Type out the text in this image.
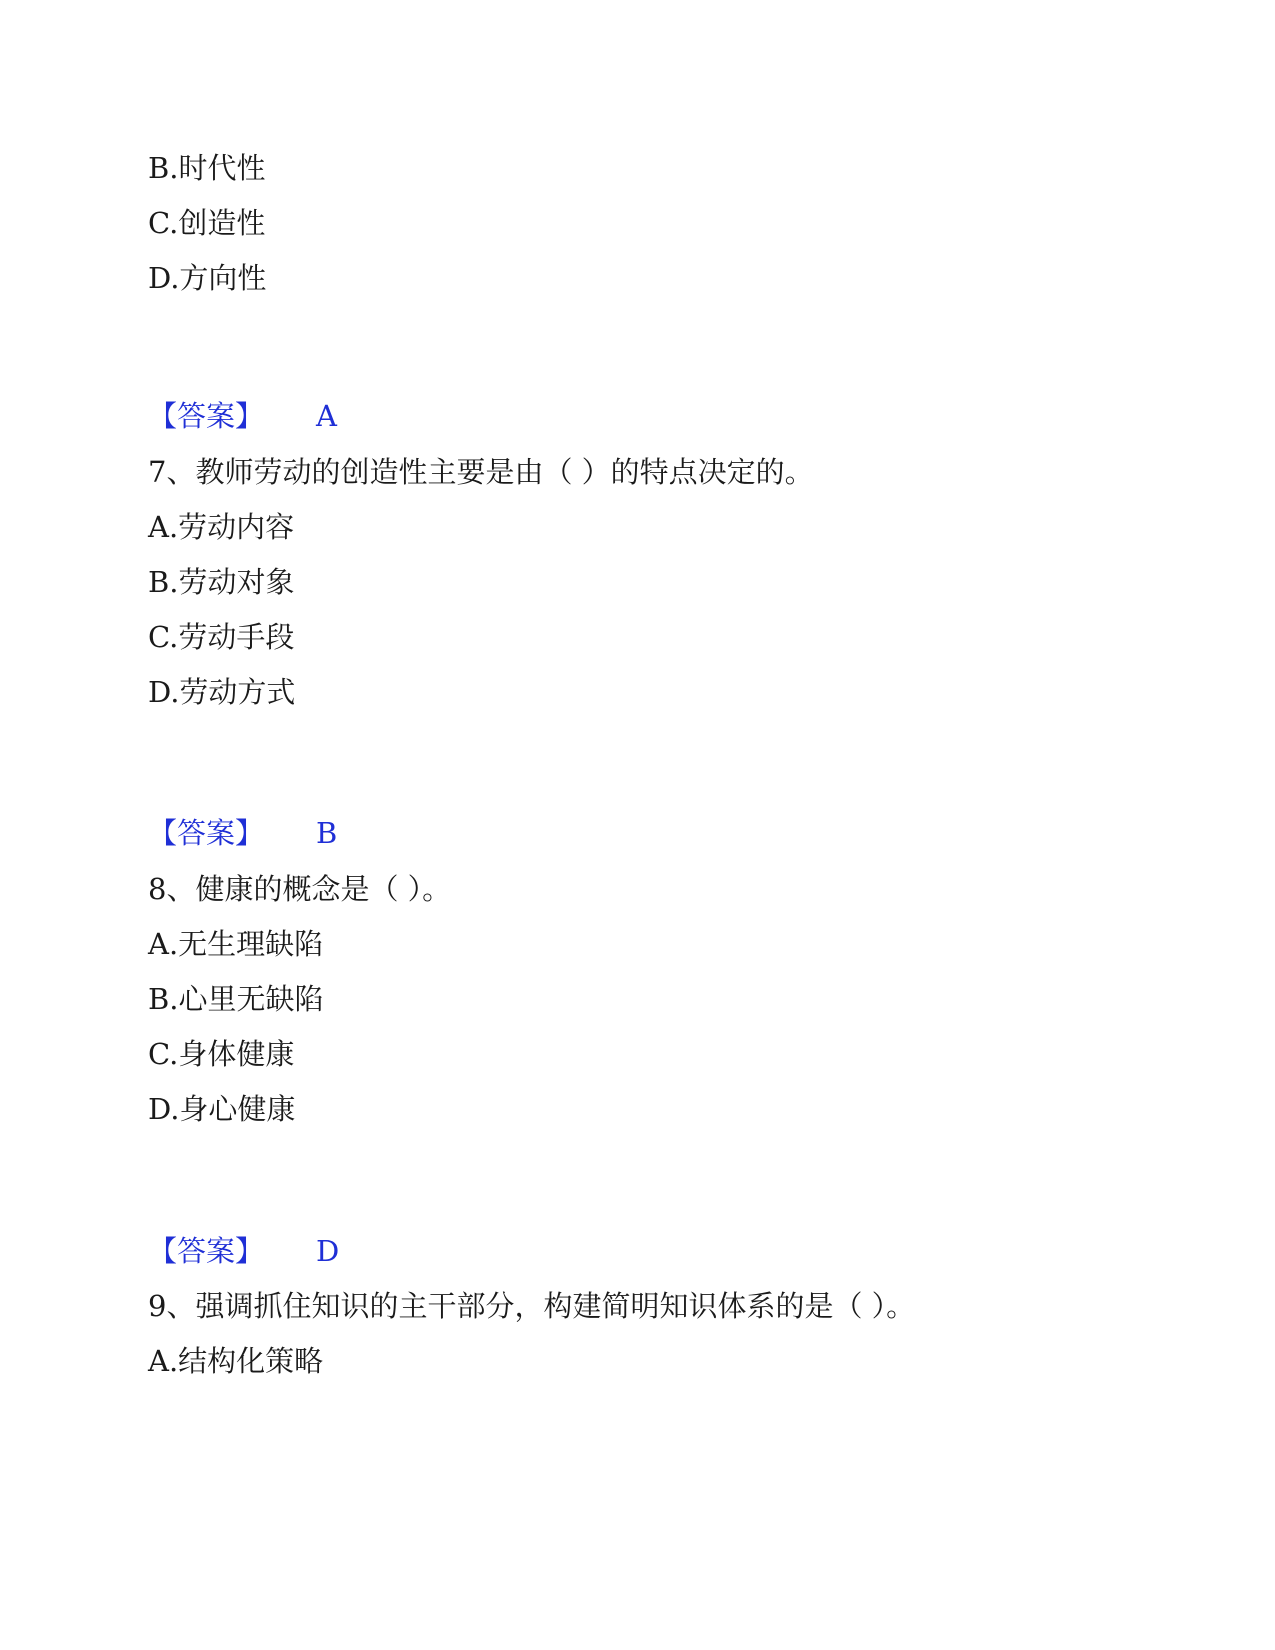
B.时代性
C.创造性
D.方向性
【答案】 A
7、教师劳动的创造性主要是由（ ）的特点决定的。
A.劳动内容
B.劳动对象
C.劳动手段
D.劳动方式
【答案】 B
8、健康的概念是（ ）。
A.无生理缺陷
B.心里无缺陷
C.身体健康
D.身心健康
【答案】 D
9、强调抓住知识的主干部分，构建简明知识体系的是（ ）。
A.结构化策略
